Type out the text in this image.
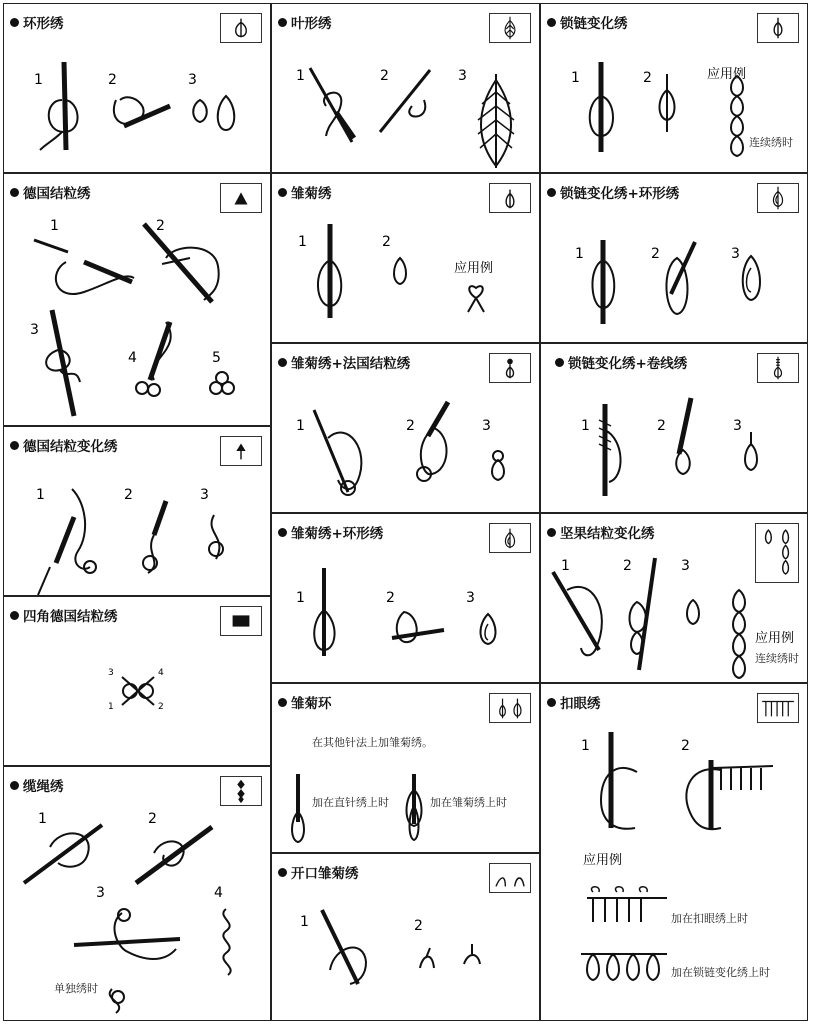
环形绣
1	2	3
德国结粒绣
1	2
3
4	5
德国结粒变化绣
1	2	3
四角德国结粒绣
3	4
1	2
缆绳绣
1	2
3	4
单独绣时
叶形绣
1	2	3
雏菊绣
1	2
应用例
雏菊绣+法国结粒绣
1	2	3
雏菊绣+环形绣
1	2	3
雏菊环
在其他针法上加雏菊绣。
加在直针绣上时	加在雏菊绣上时
开口雏菊绣
1	2
锁链变化绣
1	2	应用例
连续绣时
锁链变化绣+环形绣
1	2	3
锁链变化绣+卷线绣
1	2	3
坚果结粒变化绣
1	2	3
应用例
连续绣时
扣眼绣
1	2
应用例
加在扣眼绣上时
加在锁链变化绣上时
